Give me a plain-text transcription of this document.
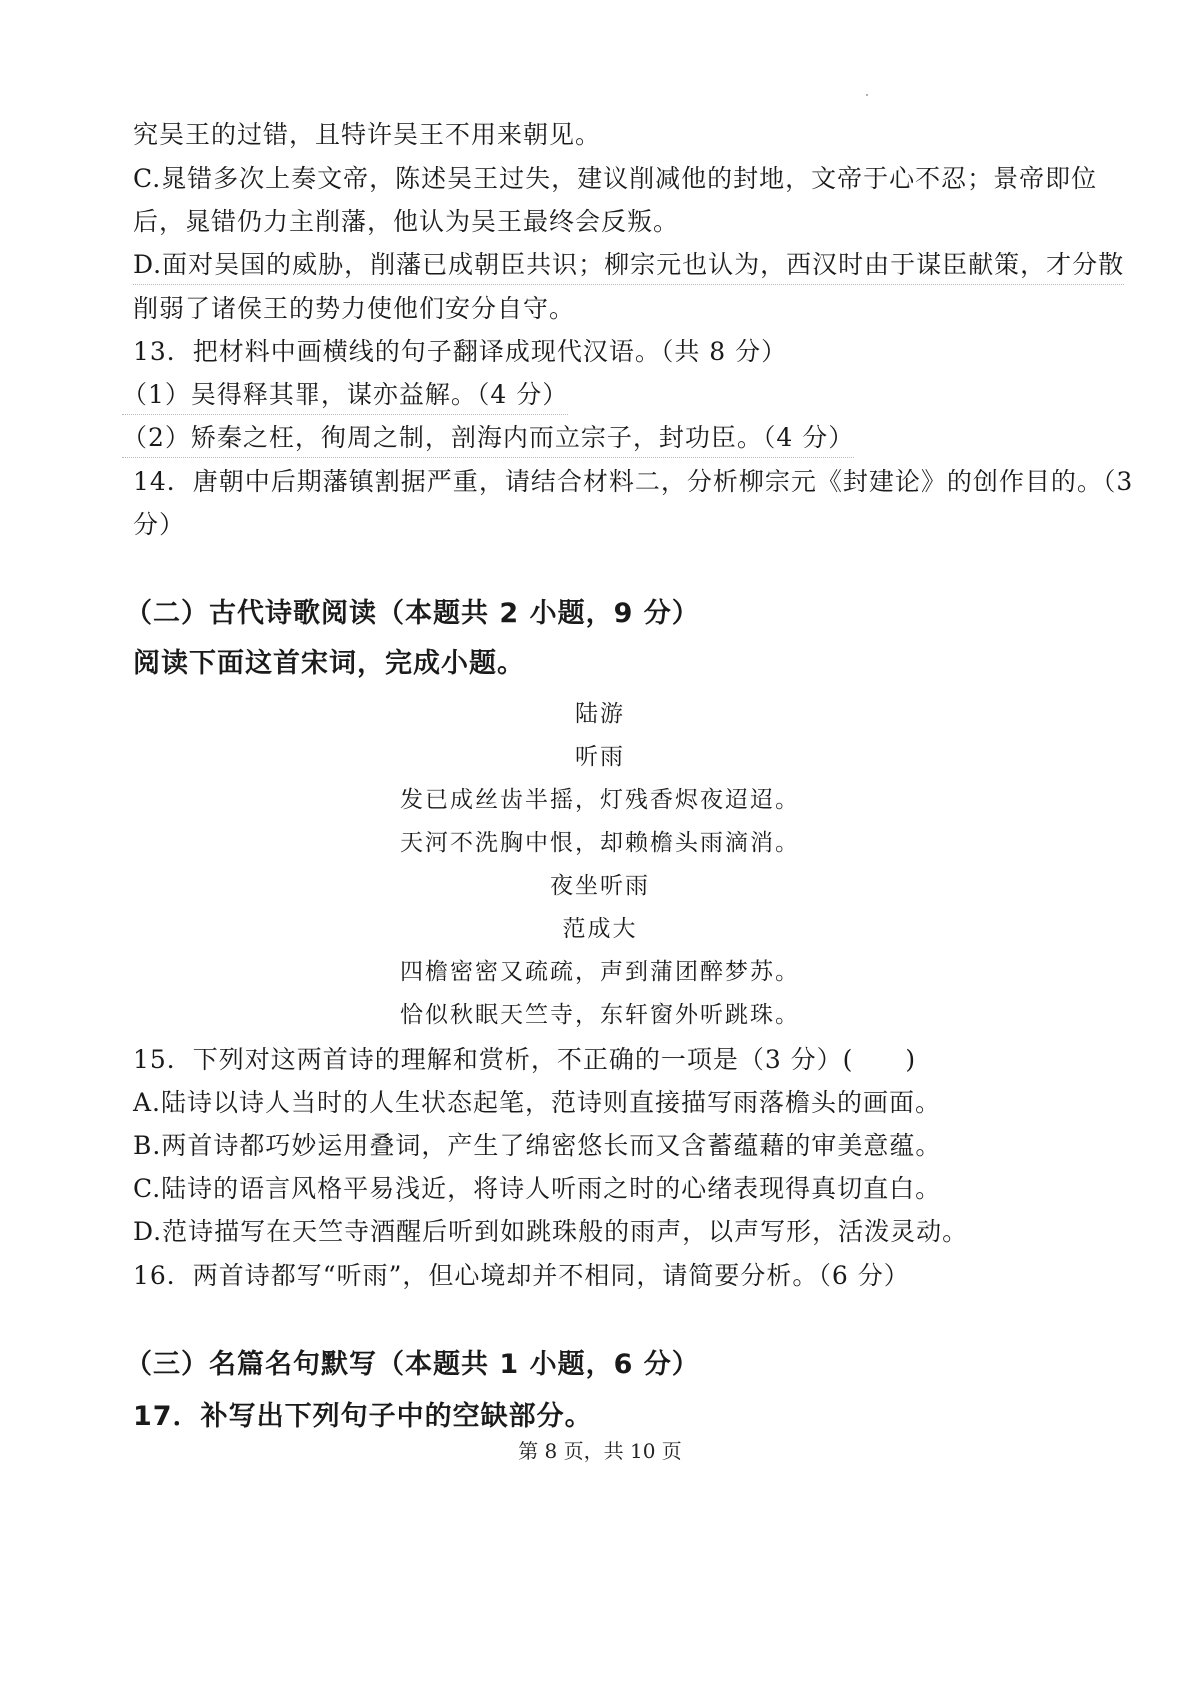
究吴王的过错，且特许吴王不用来朝见。
C.晁错多次上奏文帝，陈述吴王过失，建议削减他的封地，文帝于心不忍；景帝即位
后，晁错仍力主削藩，他认为吴王最终会反叛。
D.面对吴国的威胁，削藩已成朝臣共识；柳宗元也认为，西汉时由于谋臣献策，才分散
削弱了诸侯王的势力使他们安分自守。
13．把材料中画横线的句子翻译成现代汉语。（共 8 分）
（1）吴得释其罪，谋亦益解。（4 分）
（2）矫秦之枉，徇周之制，剖海内而立宗子，封功臣。（4 分）
14．唐朝中后期藩镇割据严重，请结合材料二，分析柳宗元《封建论》的创作目的。（3
分）
（二）古代诗歌阅读（本题共 2 小题，9 分）
阅读下面这首宋词，完成小题。
陆游
听雨
发已成丝齿半摇，灯残香烬夜迢迢。
天河不洗胸中恨，却赖檐头雨滴消。
夜坐听雨
范成大
四檐密密又疏疏，声到蒲团醉梦苏。
恰似秋眠天竺寺，东轩窗外听跳珠。
15．下列对这两首诗的理解和赏析，不正确的一项是（3 分）(　　)
A.陆诗以诗人当时的人生状态起笔，范诗则直接描写雨落檐头的画面。
B.两首诗都巧妙运用叠词，产生了绵密悠长而又含蓄蕴藉的审美意蕴。
C.陆诗的语言风格平易浅近，将诗人听雨之时的心绪表现得真切直白。
D.范诗描写在天竺寺酒醒后听到如跳珠般的雨声，以声写形，活泼灵动。
16．两首诗都写“听雨”，但心境却并不相同，请简要分析。（6 分）
（三）名篇名句默写（本题共 1 小题，6 分）
17．补写出下列句子中的空缺部分。
第 8 页，共 10 页
